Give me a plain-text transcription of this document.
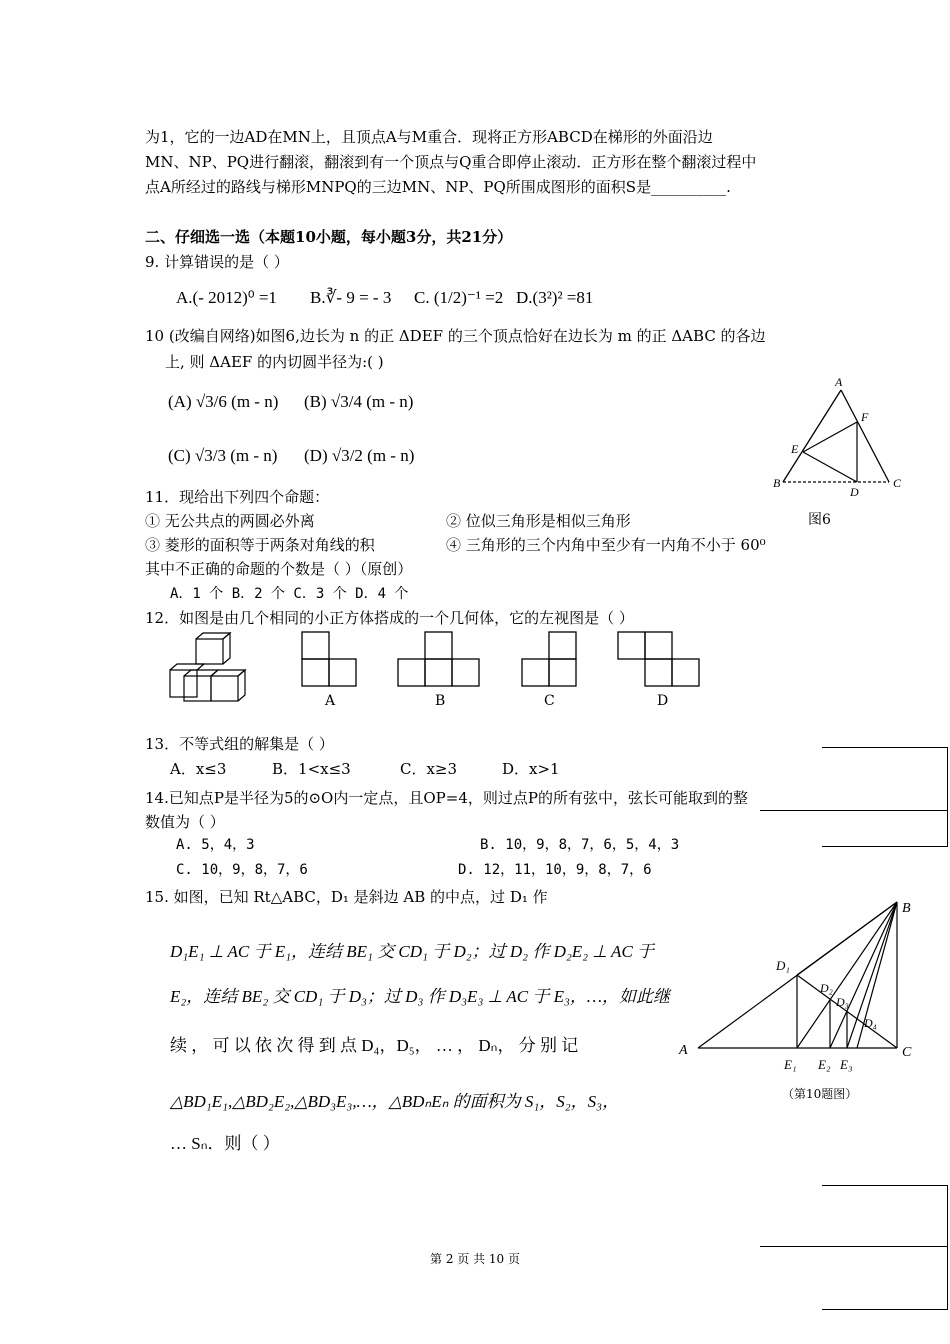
为1，它的一边AD在MN上，且顶点A与M重合．现将正方形ABCD在梯形的外面沿边
MN、NP、PQ进行翻滚，翻滚到有一个顶点与Q重合即停止滚动．正方形在整个翻滚过程中
点A所经过的路线与梯形MNPQ的三边MN、NP、PQ所围成图形的面积S是__________.
二、仔细选一选（本题10小题，每小题3分，共21分）
9. 计算错误的是（ ）
A.(- 2012)⁰ =1 B.∛- 9 = - 3 C. (1/2)⁻¹ =2 D.(3²)² =81
10 (改编自网络)如图6,边长为 n 的正 ΔDEF 的三个顶点恰好在边长为 m 的正 ΔABC 的各边
上, 则 ΔAEF 的内切圆半径为:( )
(A) √3/6 (m - n) (B) √3/4 (m - n)
(C) √3/3 (m - n) (D) √3/2 (m - n)
A
B	C
D
E
F
图6
11．现给出下列四个命题：
① 无公共点的两圆必外离	② 位似三角形是相似三角形
③ 菱形的面积等于两条对角线的积	④ 三角形的三个内角中至少有一内角不小于 60⁰
其中不正确的命题的个数是（ ）（原创）
A．1 个 B．2 个 C．3 个 D．4 个
12．如图是由几个相同的小正方体搭成的一个几何体，它的左视图是（ ）
A	B	C	D
13．不等式组的解集是（ ）
A．x≤3	B．1<x≤3	C．x≥3	D．x>1
14.已知点P是半径为5的⊙O内一定点，且OP=4，则过点P的所有弦中，弦长可能取到的整
数值为（ ）
A. 5，4，3	B. 10，9，8，7，6，5，4，3
C. 10，9，8，7，6	D. 12，11，10，9，8，7，6
15. 如图，已知 Rt△ABC，D₁ 是斜边 AB 的中点，过 D₁ 作
D₁E₁ ⊥ AC 于 E₁，连结 BE₁ 交 CD₁ 于 D₂；过 D₂ 作 D₂E₂ ⊥ AC 于
E₂，连结 BE₂ 交 CD₁ 于 D₃；过 D₃ 作 D₃E₃ ⊥ AC 于 E₃，…，如此继
续 ， 可 以 依 次 得 到 点 D₄，D₅， … ， Dₙ， 分 别 记
△BD₁E₁,△BD₂E₂,△BD₃E₃,…，△BDₙEₙ 的面积为 S₁，S₂，S₃，
… Sₙ．则（ ）
A
B
C
D₁
D₂
D₃
D₄
E₁ E₂ E₃
（第10题图）
第 2 页 共 10 页
